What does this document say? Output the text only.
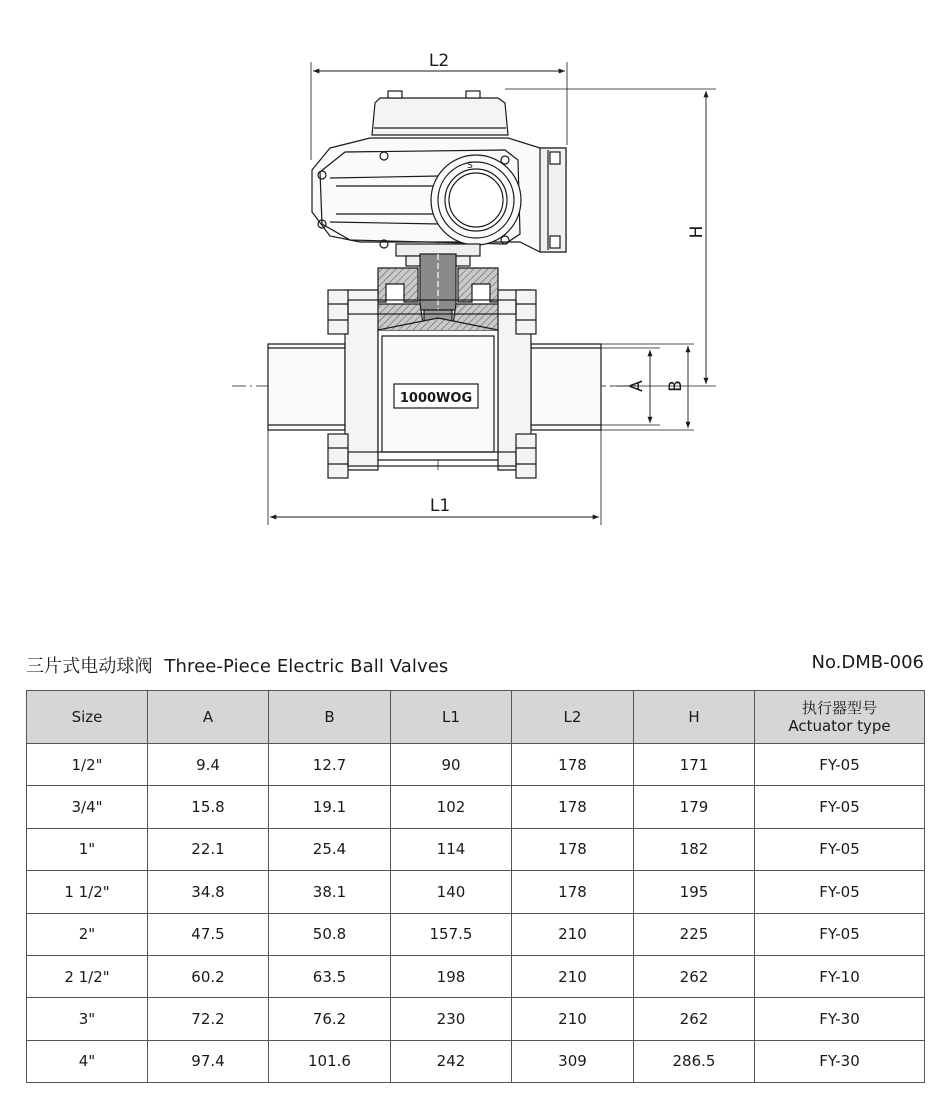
L2
L1
H
A B
1000WOG
S
三片式电动球阀 Three-Piece Electric Ball Valves	No.DMB-006
Size	A	B	L1	L2	H	执行器型号
Actuator type

1/2"	9.4	12.7	90	178	171	FY-05
3/4"	15.8	19.1	102	178	179	FY-05
1"	22.1	25.4	114	178	182	FY-05
1 1/2"	34.8	38.1	140	178	195	FY-05
2"	47.5	50.8	157.5	210	225	FY-05
2 1/2"	60.2	63.5	198	210	262	FY-10
3"	72.2	76.2	230	210	262	FY-30
4"	97.4	101.6	242	309	286.5	FY-30
